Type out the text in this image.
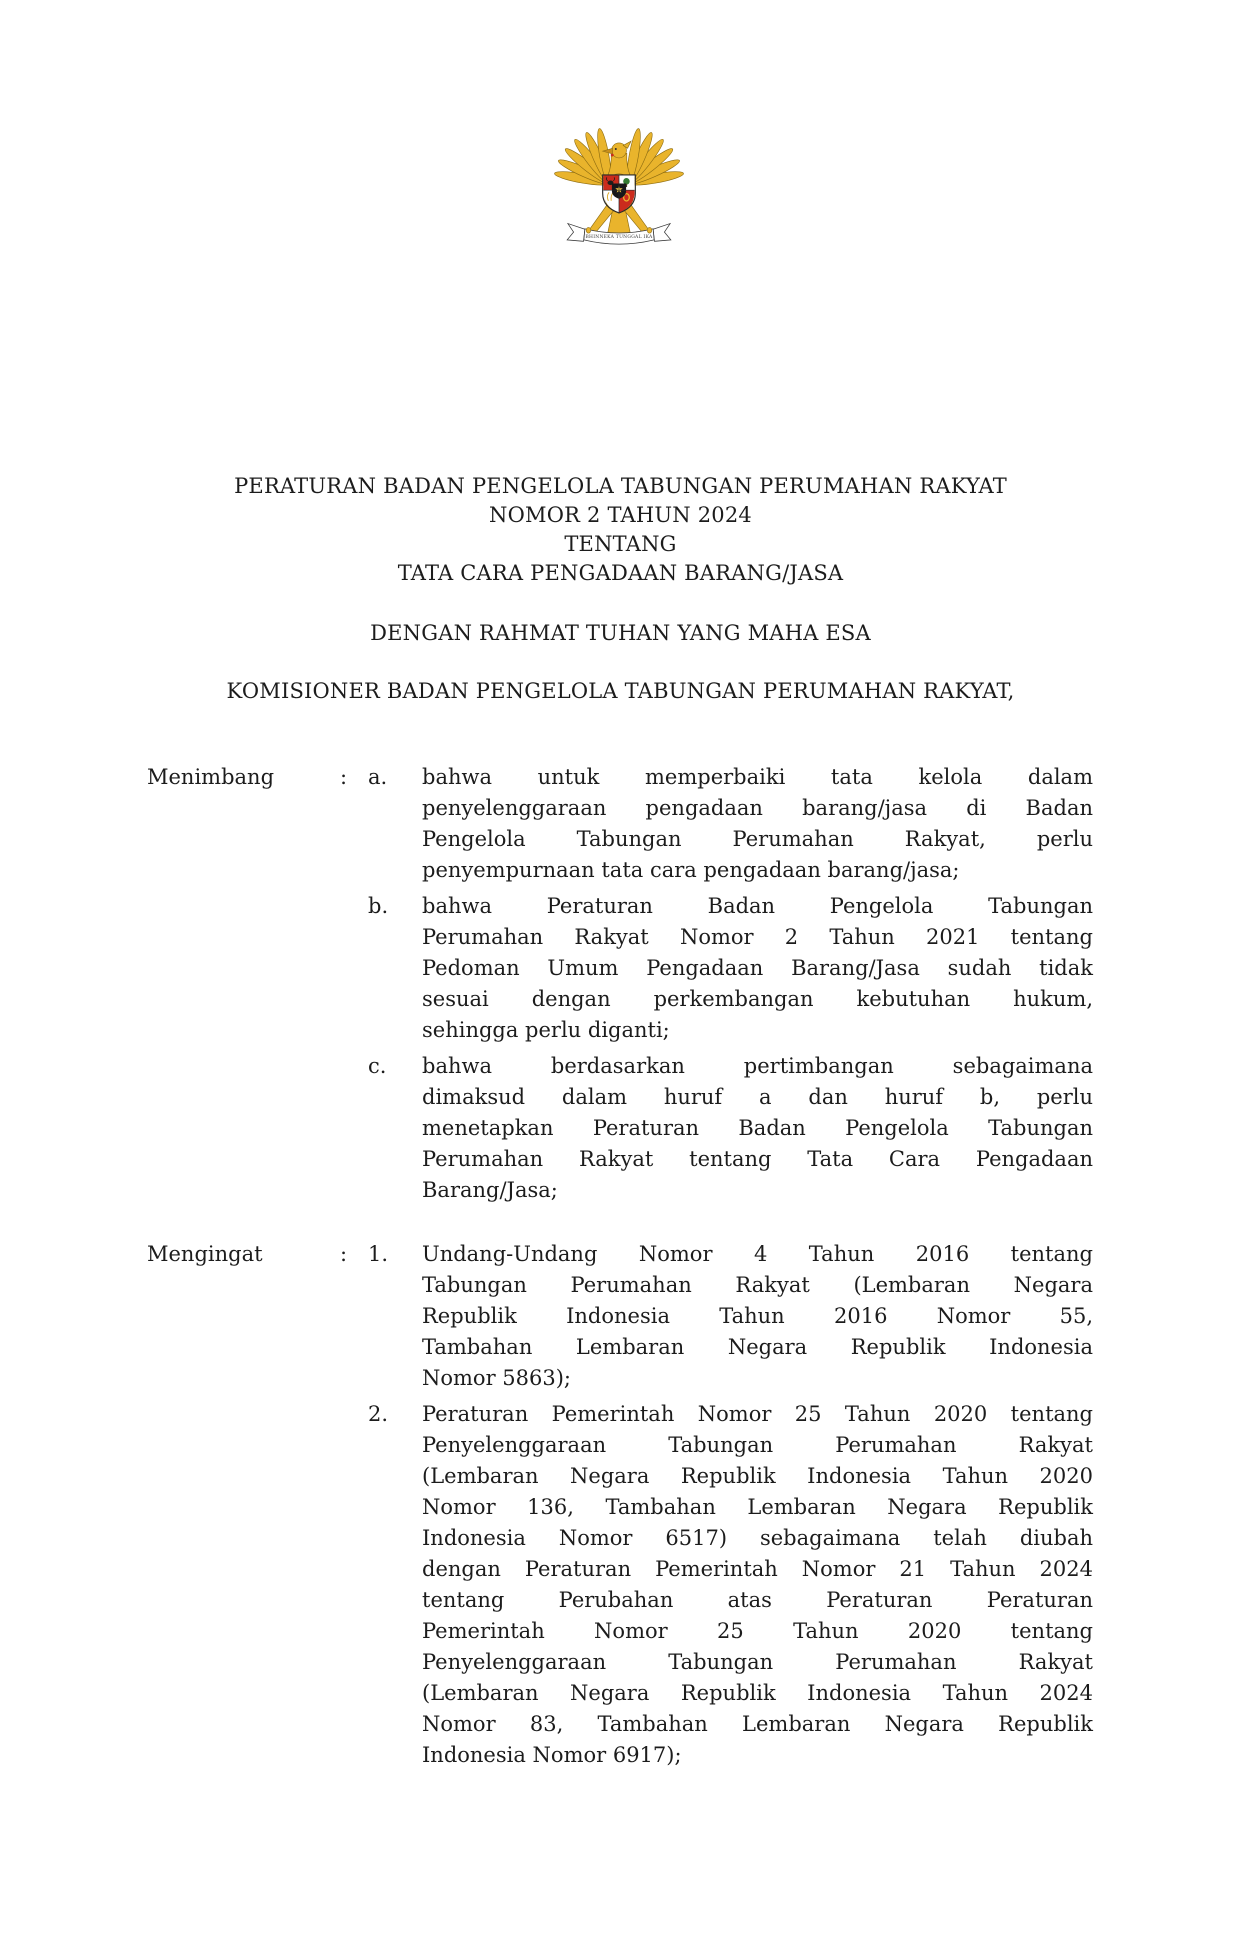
BHINNEKA TUNGGAL IKA
PERATURAN BADAN PENGELOLA TABUNGAN PERUMAHAN RAKYAT
NOMOR 2 TAHUN 2024
TENTANG
TATA CARA PENGADAAN BARANG/JASA
DENGAN RAHMAT TUHAN YANG MAHA ESA
KOMISIONER BADAN PENGELOLA TABUNGAN PERUMAHAN RAKYAT,
Menimbang	: a.	bahwa untuk memperbaiki tata kelola dalam
penyelenggaraan pengadaan barang/jasa di Badan
Pengelola Tabungan Perumahan Rakyat, perlu
penyempurnaan tata cara pengadaan barang/jasa;
b.	bahwa Peraturan Badan Pengelola Tabungan
Perumahan Rakyat Nomor 2 Tahun 2021 tentang
Pedoman Umum Pengadaan Barang/Jasa sudah tidak
sesuai dengan perkembangan kebutuhan hukum,
sehingga perlu diganti;
c.	bahwa berdasarkan pertimbangan sebagaimana
dimaksud dalam huruf a dan huruf b, perlu
menetapkan Peraturan Badan Pengelola Tabungan
Perumahan Rakyat tentang Tata Cara Pengadaan
Barang/Jasa;
Mengingat	: 1.	Undang-Undang Nomor 4 Tahun 2016 tentang
Tabungan Perumahan Rakyat (Lembaran Negara
Republik Indonesia Tahun 2016 Nomor 55,
Tambahan Lembaran Negara Republik Indonesia
Nomor 5863);
2.	Peraturan Pemerintah Nomor 25 Tahun 2020 tentang
Penyelenggaraan Tabungan Perumahan Rakyat
(Lembaran Negara Republik Indonesia Tahun 2020
Nomor 136, Tambahan Lembaran Negara Republik
Indonesia Nomor 6517) sebagaimana telah diubah
dengan Peraturan Pemerintah Nomor 21 Tahun 2024
tentang Perubahan atas Peraturan Peraturan
Pemerintah Nomor 25 Tahun 2020 tentang
Penyelenggaraan Tabungan Perumahan Rakyat
(Lembaran Negara Republik Indonesia Tahun 2024
Nomor 83, Tambahan Lembaran Negara Republik
Indonesia Nomor 6917);
